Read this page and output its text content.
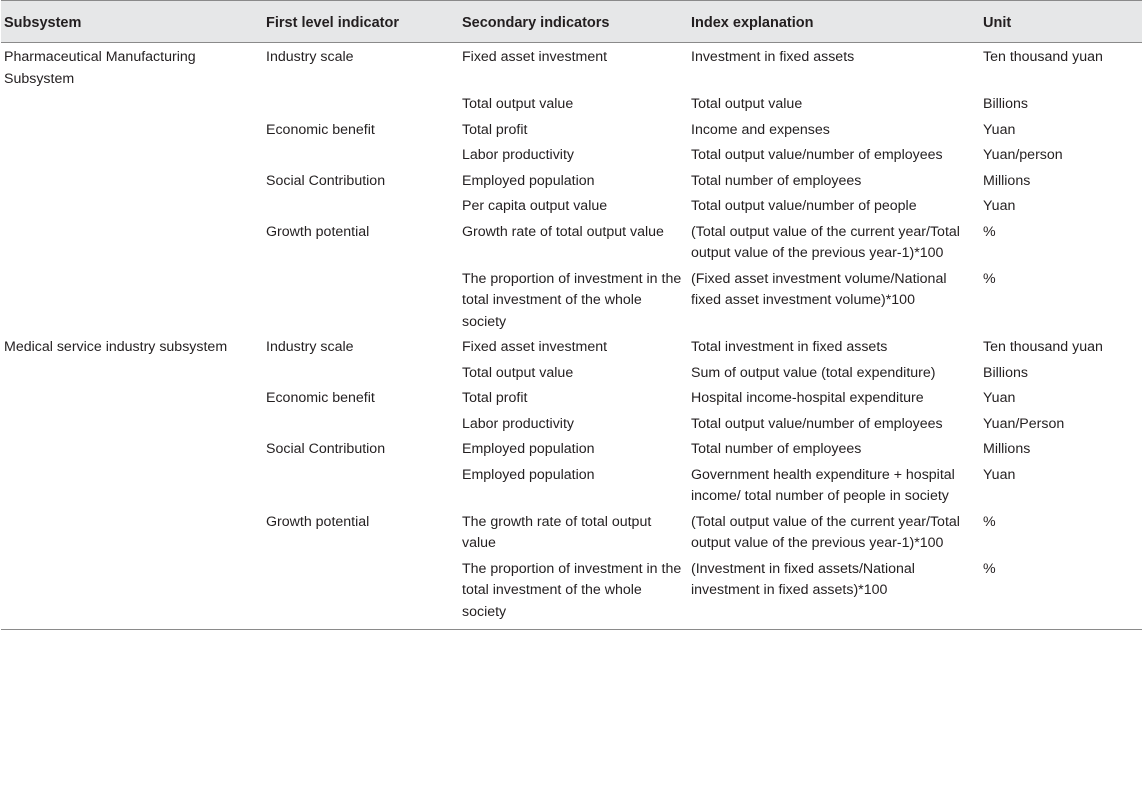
Subsystem	First level indicator	Secondary indicators	Index explanation	Unit
Pharmaceutical Manufacturing Subsystem	Industry scale	Fixed asset investment	Investment in fixed assets	Ten thousand yuan
		Total output value	Total output value	Billions
	Economic benefit	Total profit	Income and expenses	Yuan
		Labor productivity	Total output value/number of employees	Yuan/person
	Social Contribution	Employed population	Total number of employees	Millions
		Per capita output value	Total output value/number of people	Yuan
	Growth potential	Growth rate of total output value	(Total output value of the current year/Total output value of the previous year-1)*100	%
		The proportion of investment in the total investment of the whole society	(Fixed asset investment volume/National fixed asset investment volume)*100	%
Medical service industry subsystem	Industry scale	Fixed asset investment	Total investment in fixed assets	Ten thousand yuan
		Total output value	Sum of output value (total expenditure)	Billions
	Economic benefit	Total profit	Hospital income-hospital expenditure	Yuan
		Labor productivity	Total output value/number of employees	Yuan/Person
	Social Contribution	Employed population	Total number of employees	Millions
		Employed population	Government health expenditure + hospital income/ total number of people in society	Yuan
	Growth potential	The growth rate of total output value	(Total output value of the current year/Total output value of the previous year-1)*100	%
		The proportion of investment in the total investment of the whole society	(Investment in fixed assets/National investment in fixed assets)*100	%
